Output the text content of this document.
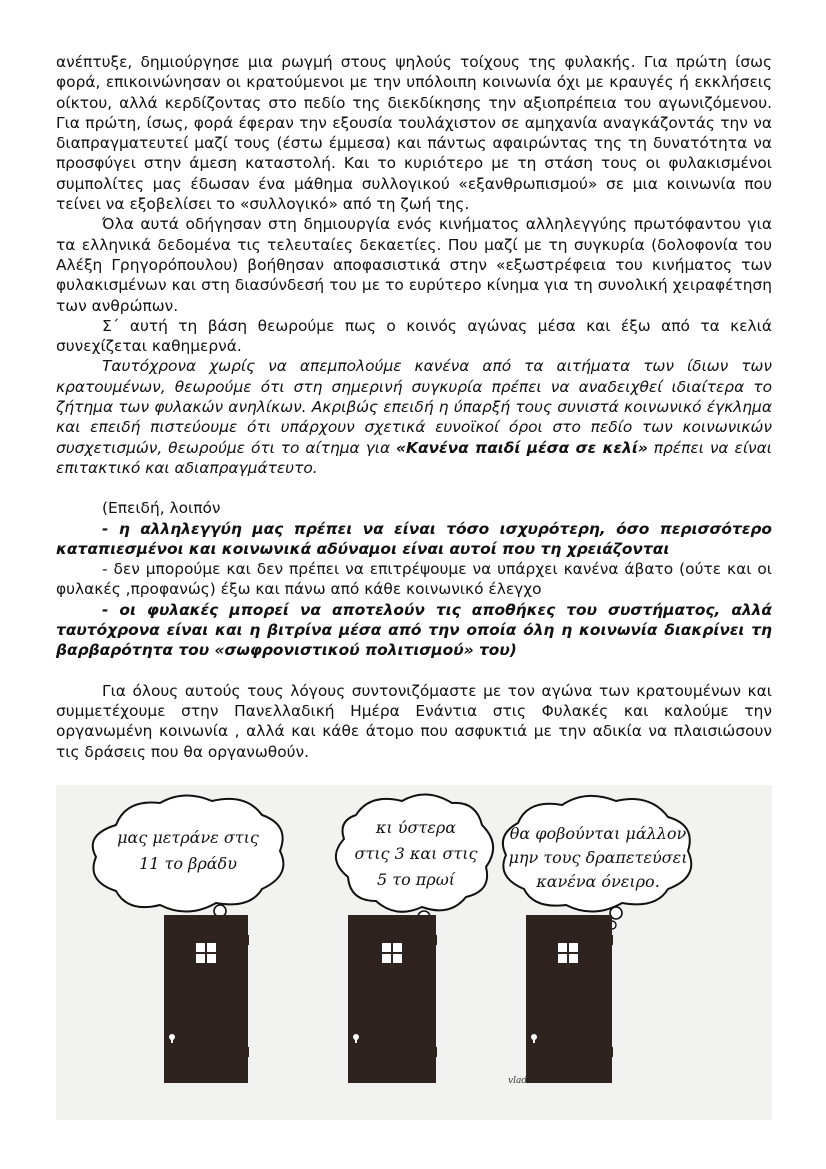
ανέπτυξε, δημιούργησε μια ρωγμή στους ψηλούς τοίχους της φυλακής. Για πρώτη ίσως φορά, επικοινώνησαν οι κρατούμενοι με την υπόλοιπη κοινωνία όχι με κραυγές ή εκκλήσεις οίκτου, αλλά κερδίζοντας στο πεδίο της διεκδίκησης την αξιοπρέπεια του αγωνιζόμενου. Για πρώτη, ίσως, φορά έφεραν την εξουσία τουλάχιστον σε αμηχανία αναγκάζοντάς την να διαπραγματευτεί μαζί τους (έστω έμμεσα) και πάντως αφαιρώντας της τη δυνατότητα να προσφύγει στην άμεση καταστολή. Και το κυριότερο με τη στάση τους οι φυλακισμένοι συμπολίτες μας έδωσαν ένα μάθημα συλλογικού «εξανθρωπισμού» σε μια κοινωνία που τείνει να εξοβελίσει το «συλλογικό» από τη ζωή της.

Όλα αυτά οδήγησαν στη δημιουργία ενός κινήματος αλληλεγγύης πρωτόφαντου για τα ελληνικά δεδομένα τις τελευταίες δεκαετίες. Που μαζί με τη συγκυρία (δολοφονία του Αλέξη Γρηγορόπουλου) βοήθησαν αποφασιστικά στην «εξωστρέφεια του κινήματος των φυλακισμένων και στη διασύνδεσή του με το ευρύτερο κίνημα για τη συνολική χειραφέτηση των ανθρώπων.

Σ΄ αυτή τη βάση θεωρούμε πως ο κοινός αγώνας μέσα και έξω από τα κελιά συνεχίζεται καθημερνά.

Ταυτόχρονα χωρίς να απεμπολούμε κανένα από τα αιτήματα των ίδιων των κρατουμένων, θεωρούμε ότι στη σημερινή συγκυρία πρέπει να αναδειχθεί ιδιαίτερα το ζήτημα των φυλακών ανηλίκων. Ακριβώς επειδή η ύπαρξή τους συνιστά κοινωνικό έγκλημα και επειδή πιστεύουμε ότι υπάρχουν σχετικά ευνοϊκοί όροι στο πεδίο των κοινωνικών συσχετισμών, θεωρούμε ότι το αίτημα για «Κανένα παιδί μέσα σε κελί» πρέπει να είναι επιτακτικό και αδιαπραγμάτευτο.

(Επειδή, λοιπόν

- η αλληλεγγύη μας πρέπει να είναι τόσο ισχυρότερη, όσο περισσότερο καταπιεσμένοι και κοινωνικά αδύναμοι είναι αυτοί που τη χρειάζονται

- δεν μπορούμε και δεν πρέπει να επιτρέψουμε να υπάρχει κανένα άβατο (ούτε και οι φυλακές ,προφανώς) έξω και πάνω από κάθε κοινωνικό έλεγχο

- οι φυλακές μπορεί να αποτελούν τις αποθήκες του συστήματος, αλλά ταυτόχρονα είναι και η βιτρίνα μέσα από την οποία όλη η κοινωνία διακρίνει τη βαρβαρότητα του «σωφρονιστικού πολιτισμού» του)

Για όλους αυτούς τους λόγους συντονιζόμαστε με τον αγώνα των κρατουμένων και συμμετέχουμε στην Πανελλαδική Ημέρα Ενάντια στις Φυλακές και καλούμε την οργανωμένη κοινωνία , αλλά και κάθε άτομο που ασφυκτιά με την αδικία να πλαισιώσουν τις δράσεις που θα οργανωθούν.

μας μετράνε στις
11 το βράδυ
κι ύστερα
στις 3 και στις
5 το πρωί
θα φοβούνται μάλλον
μην τους δραπετεύσει
κανένα όνειρο.
vlad
